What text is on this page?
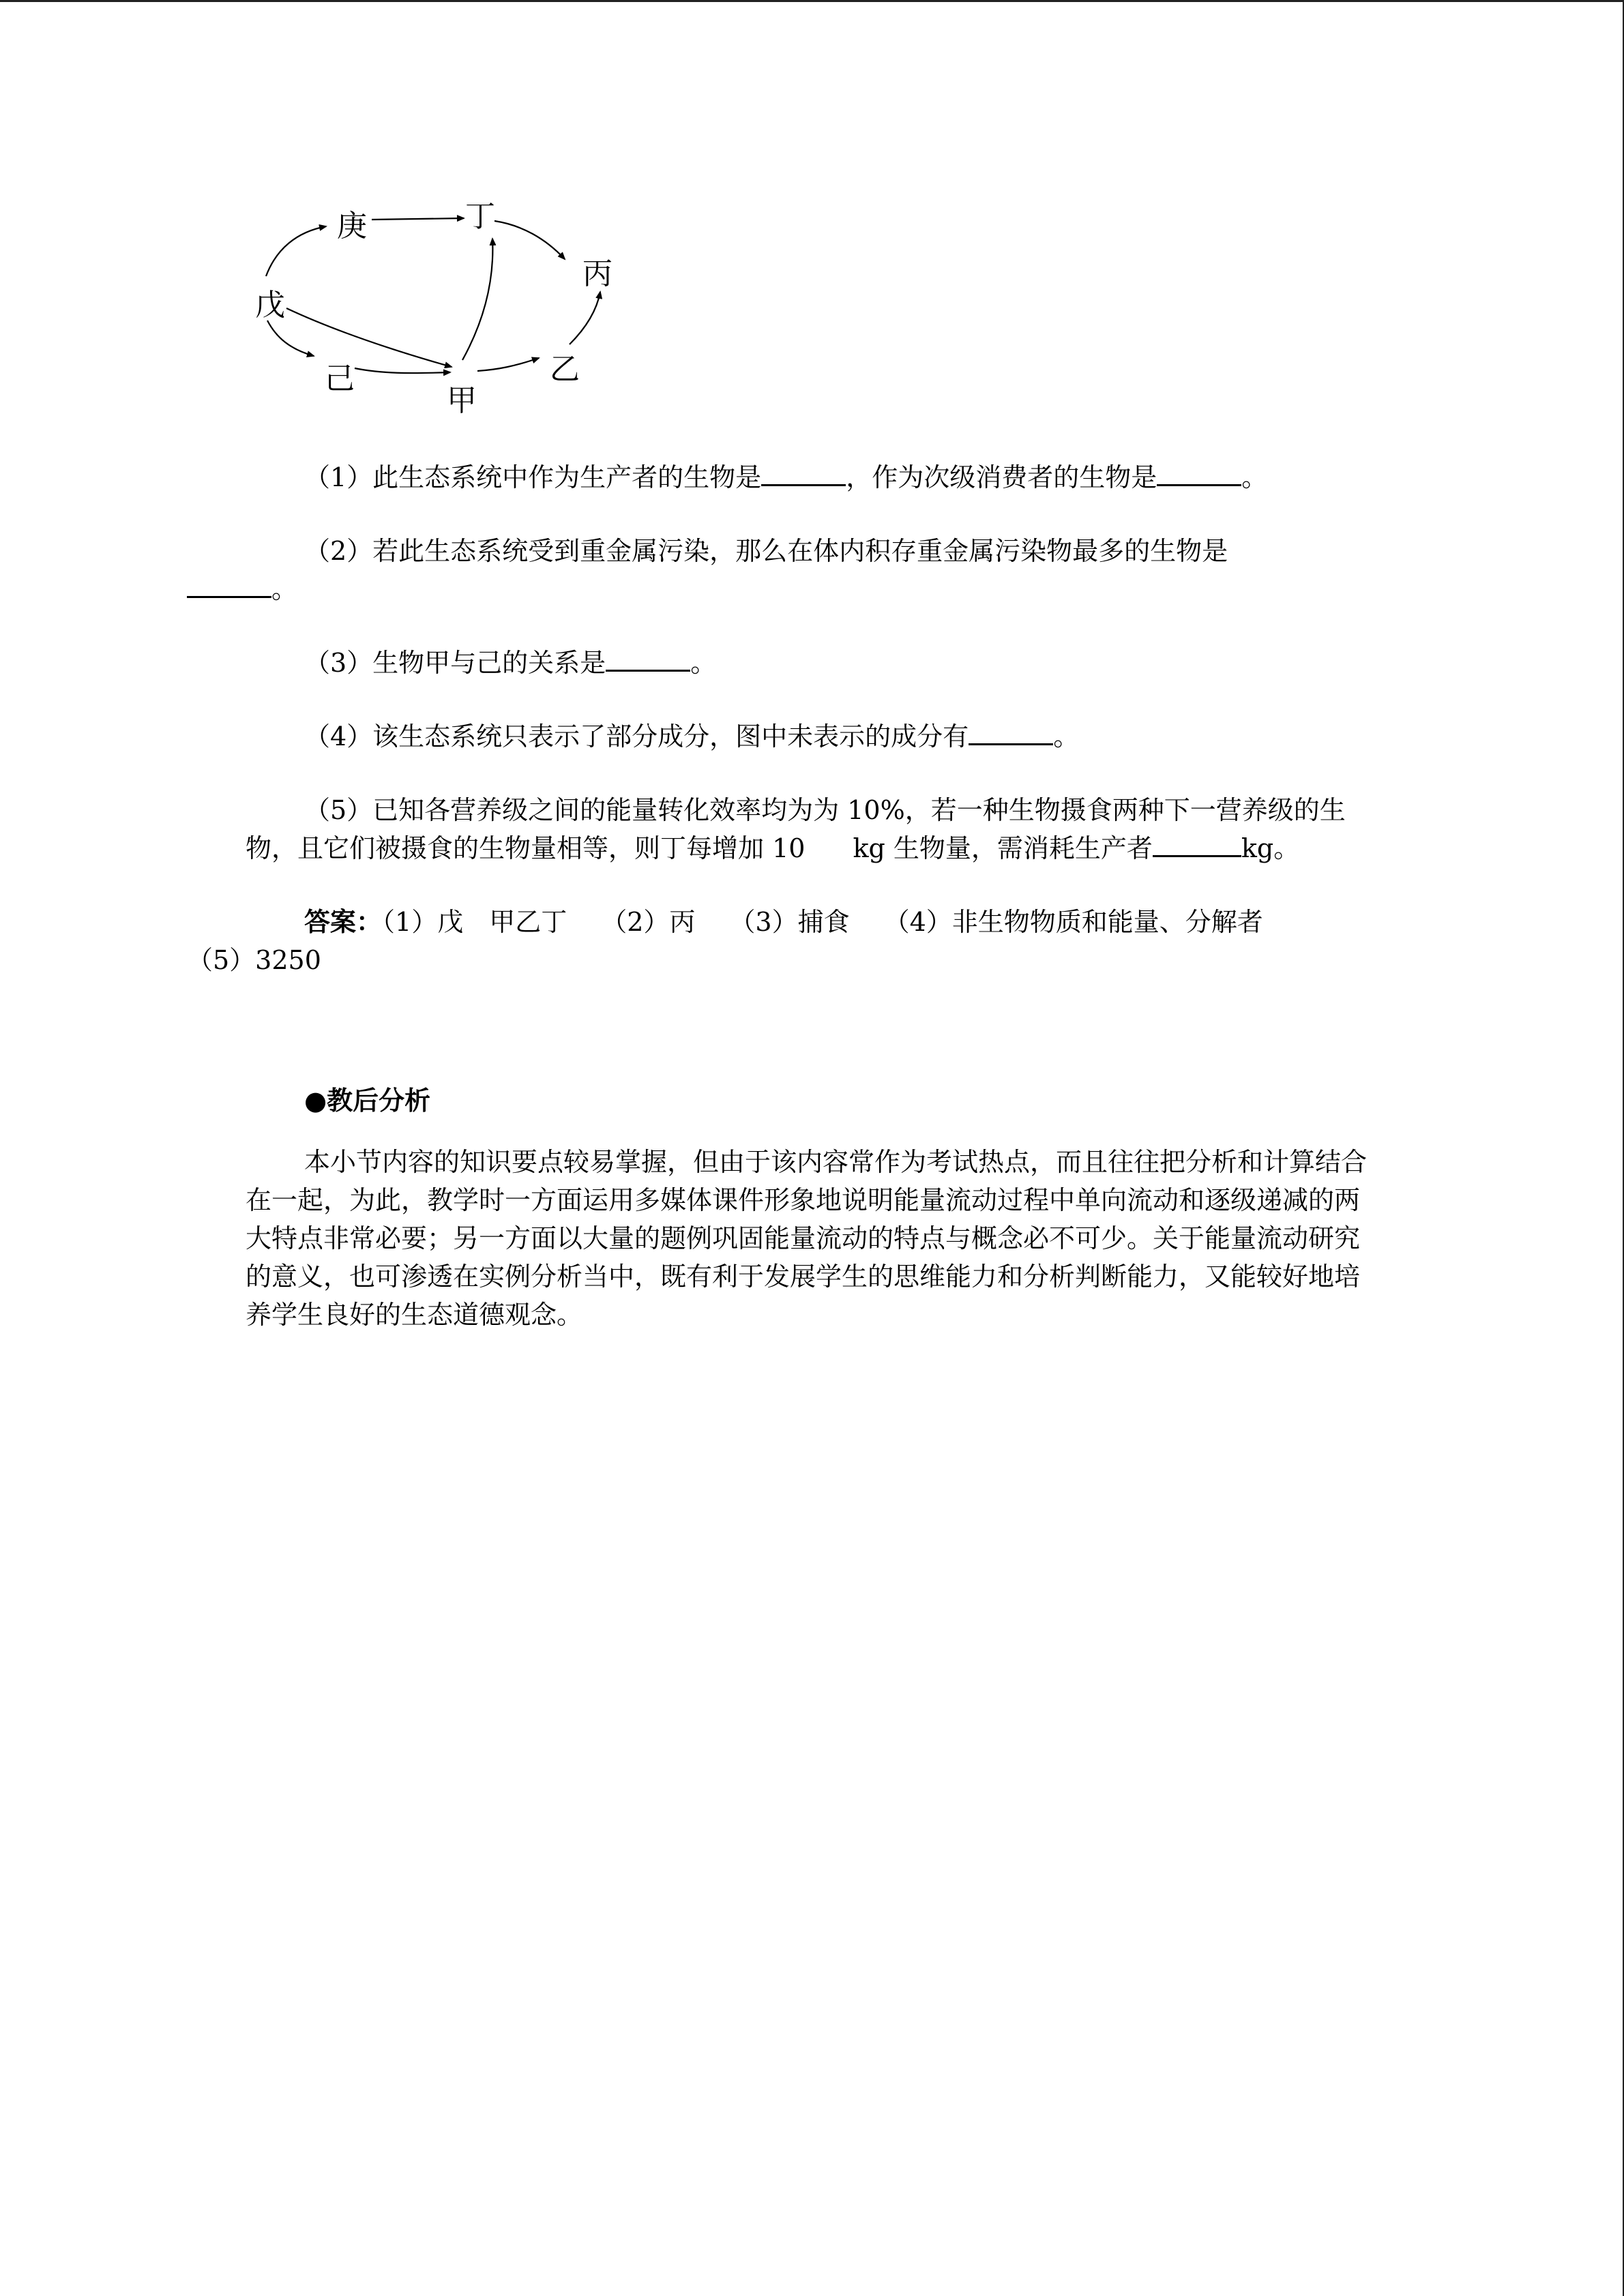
戊
庚	丁
丙
己
甲
乙

（1）此生态系统中作为生产者的生物是	，作为次级消费者的生物是	。

（2）若此生态系统受到重金属污染，那么在体内积存重金属污染物最多的生物是
。

（3）生物甲与己的关系是	。

（4）该生态系统只表示了部分成分，图中未表示的成分有	。

（5）已知各营养级之间的能量转化效率均为为 10%，若一种生物摄食两种下一营养级的生物，且它们被摄食的生物量相等，则丁每增加 10 kg 生物量，需消耗生产者	kg。

答案：（1）戊　甲乙丁 （2）丙 （3）捕食 （4）非生物物质和能量、分解者
（5）3250

●教后分析

本小节内容的知识要点较易掌握，但由于该内容常作为考试热点，而且往往把分析和计算结合在一起，为此，教学时一方面运用多媒体课件形象地说明能量流动过程中单向流动和逐级递减的两大特点非常必要；另一方面以大量的题例巩固能量流动的特点与概念必不可少。关于能量流动研究的意义，也可渗透在实例分析当中，既有利于发展学生的思维能力和分析判断能力，又能较好地培养学生良好的生态道德观念。
